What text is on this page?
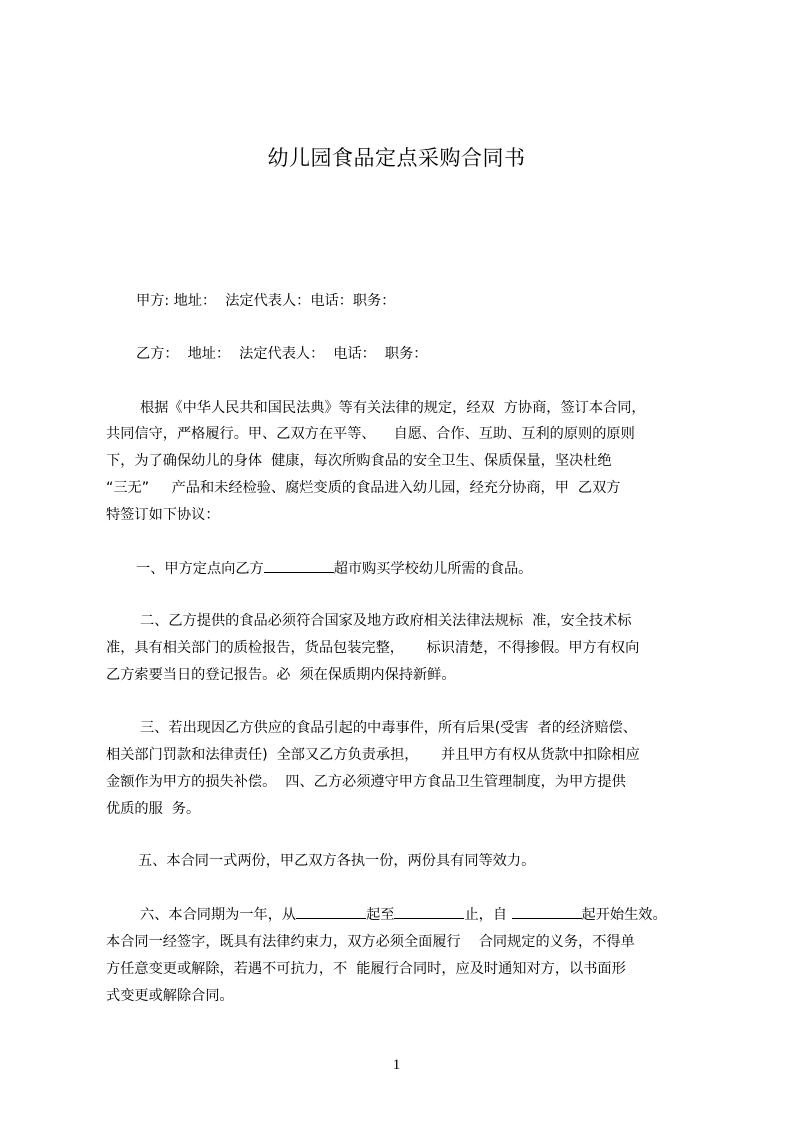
幼儿园食品定点采购合同书
甲方: 地址：  法定代表人：电话：职务：
乙方：  地址：  法定代表人：  电话：  职务：
根据《中华人民共和国民法典》等有关法律的规定，经双  方协商，签订本合同，
共同信守，严格履行。甲、乙双方在平等、    自愿、合作、互助、互利的原则的原则
下，为了确保幼儿的身体  健康，每次所购食品的安全卫生、保质保量，坚决杜绝
“三无”     产品和未经检验、腐烂变质的食品进入幼儿园，经充分协商，甲  乙双方
特签订如下协议：
一、甲方定点向乙方	超市购买学校幼儿所需的食品。
二、乙方提供的食品必须符合国家及地方政府相关法律法规标  准，安全技术标
准，具有相关部门的质检报告，货品包装完整，     标识清楚，不得掺假。甲方有权向
乙方索要当日的登记报告。必  须在保质期内保持新鲜。
三、若出现因乙方供应的食品引起的中毒事件，所有后果(受害  者的经济赔偿、
相关部门罚款和法律责任)  全部又乙方负责承担，     并且甲方有权从货款中扣除相应
金额作为甲方的损失补偿。  四、乙方必须遵守甲方食品卫生管理制度，为甲方提供
优质的服  务。
五、本合同一式两份，甲乙双方各执一份，两份具有同等效力。
六、本合同期为一年，从	起至	止，自	起开始生效。
本合同一经签字，既具有法律约束力，双方必须全面履行    合同规定的义务，不得单
方任意变更或解除，若遇不可抗力，不  能履行合同时，应及时通知对方，以书面形
式变更或解除合同。
1
